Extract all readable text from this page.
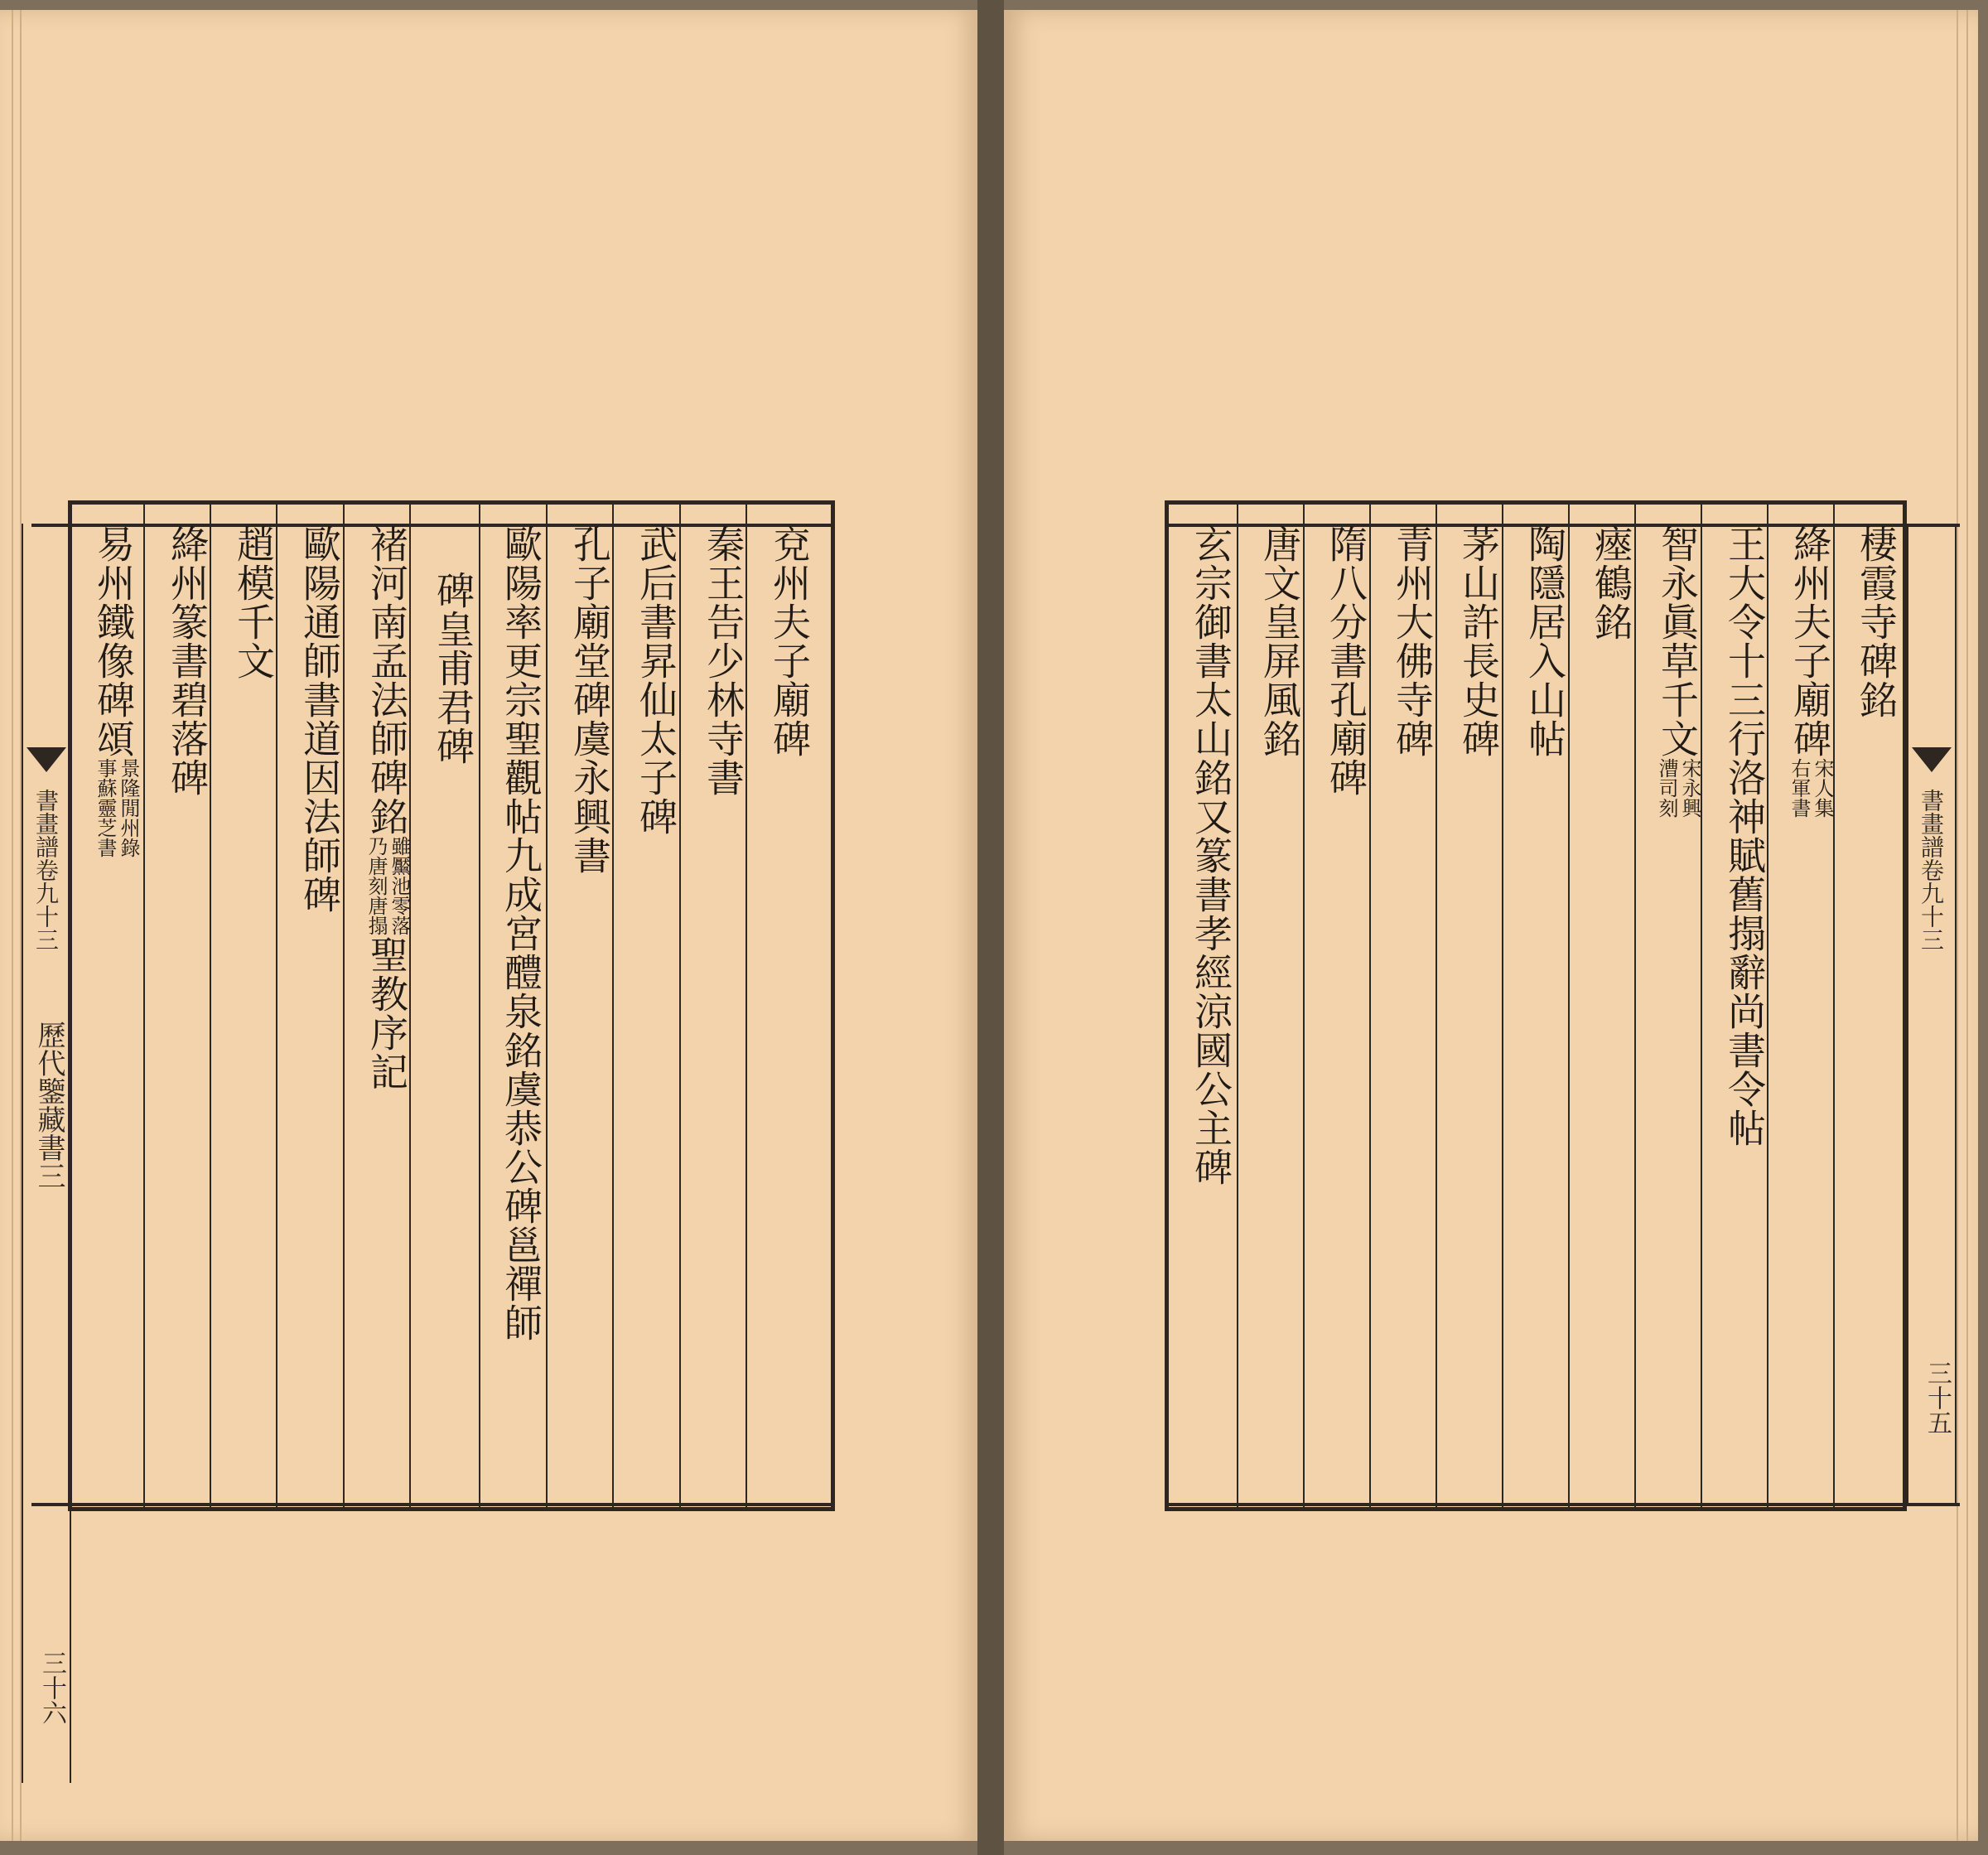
書畫譜卷九十三
歷代鑒藏書三
三十六
兗州夫子廟碑
秦王告少林寺書
武后書昇仙太子碑
孔子廟堂碑虞永興書
歐陽率更宗聖觀帖九成宮醴泉銘虞恭公碑邕禪師
碑皇甫君碑
褚河南孟法師碑銘
雖黶池零落
乃唐刻唐搨
聖教序記
歐陽通師書道因法師碑
趙模千文
絳州篆書碧落碑
易州鐵像碑頌
景隆閒州錄
事蘇靈芝書	書畫譜卷九十三
三十五
棲霞寺碑銘
絳州夫子廟碑
宋人集
右軍書
王大令十三行洛神賦舊搨辭尚書令帖
智永眞草千文
宋永興
漕司刻
瘞鶴銘
陶隱居入山帖
茅山許長史碑
青州大佛寺碑
隋八分書孔廟碑
唐文皇屏風銘
玄宗御書太山銘又篆書孝經涼國公主碑
